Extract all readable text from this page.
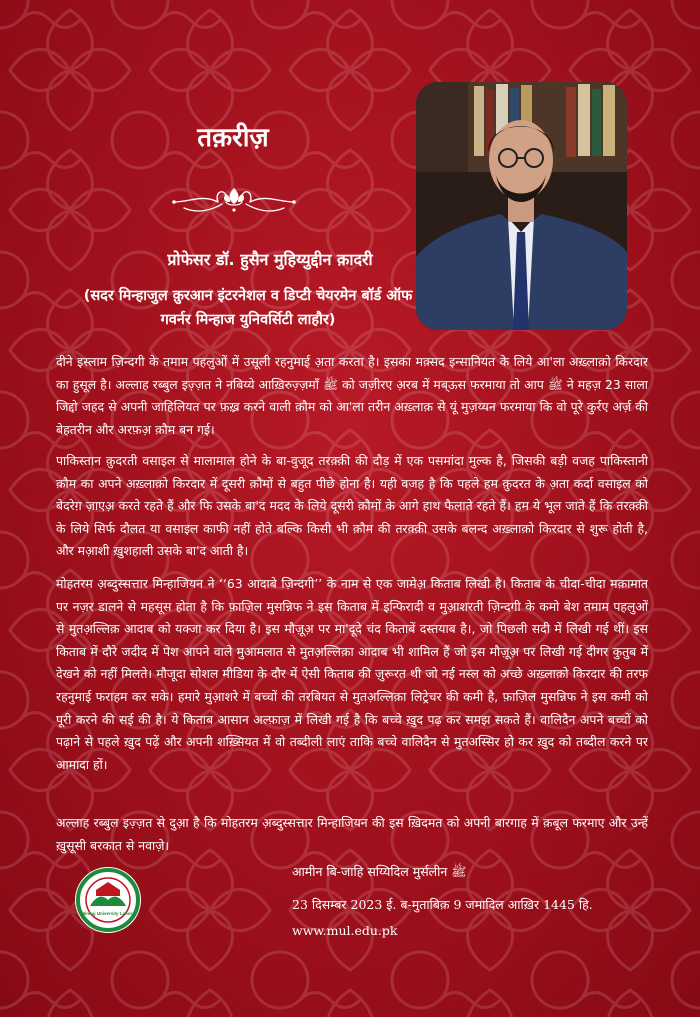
तक़रीज़
प्रोफेसर डॉ. हुसैन मुहिय्युद्दीन क़ादरी
(सदर मिन्हाजुल क़ुरआन इंटरनेशल व डिप्टी चेयरमेन बॉर्ड ऑफ गवर्नर मिन्हाज युनिवर्सिटी लाहौर)

दीने इस्लाम ज़िन्दगी के तमाम पहलुओं में उसूली रहनुमाई अ़ता करता है। इसका मक़्सद इन्सानियत के लिये आ'ला अख़्लाक़ो किरदार का हुसूल है। अल्लाह रब्बुल इज़्ज़त ने नबिय्ये आख़िरुज़्ज़माँ ﷺ को जज़ीरए अ़रब में मब्ऊस फरमाया तो आप ﷺ ने महज़ 23 साला जिद्दो जहद से अपनी जाहिलियत पर फ़ख़्र करने वाली क़ौम को आ'ला तरीन अख़्लाक़ से यूं मुज़य्यन फरमाया कि वो पूरे कुर्रए अर्ज़ की बेहतरीन और अरफ़अ़ क़ौम बन गई।

पाकिस्तान क़ुदरती वसाइल से मालामाल होने के बा-वुजूद तरक़्क़ी की दौड़ में एक पसमांदा मुल्क है, जिसकी बड़ी वजह पाकिस्तानी क़ौम का अपने अख़्लाक़ो किरदार में दूसरी क़ौमों से बहुत पीछे होना है। यही वजह है कि पहले हम क़ुदरत के अ़ता कर्दा वसाइल को बेदरेग़ ज़ाएअ़ करते रहते हैं और फि उसके बा'द मदद के लिये दूसरी क़ौमों के आगे हाथ फैलाते रहते हैं। हम ये भूल जाते हैं कि तरक़्क़ी के लिये सिर्फ दौलत या वसाइल काफी नहीं होते बल्कि किसी भी क़ौम की तरक़्क़ी उसके बलन्द अख़्लाक़ो किरदार से शुरू होती है, और मआ़शी ख़ुशहाली उसके बा'द आती है।

मोहतरम अ़ब्दुस्सत्तार मिन्हाजियन ने ‘‘63 आदाबे ज़िन्दगी’’ के नाम से एक जामेअ़ किताब लिखी है। किताब के चीदा-चीदा मक़ामात पर नज़र डालने से महसूस होता है कि फ़ाज़िल मुसन्निफ ने इस किताब में इन्फिरादी व मुआ़शरती ज़िन्दगी के कमो बेश तमाम पहलुओं से मुतअ़ल्लिक़ आदाब को यक्जा कर दिया है। इस मौज़ूअ़ पर मा'दूदे चंद किताबें दस्तयाब है।, जो पिछली सदी में लिखी गई थीं। इस किताब में दौरे जदीद में पेश आपने वाले मुआमलात से मुतअ़ल्लिक़ा आदाब भी शामिल हैं जो इस मौज़ूअ़ पर लिखी गई दीगर कुतुब में देखने को नहीं मिलते। मौजूदा सोशल मीडिया के दौर में ऐसी किताब की ज़ुरूरत थी जो नई नस्ल को अच्छे अख़्लाक़ो किरदार की तरफ रहनुमाई फराहम कर सके। हमारे मुआ़शरे में बच्चों की तरबियत से मुतअ़ल्लिक़ा लिट्रेचर की कमी है, फ़ाज़िल मुसन्निफ ने इस कमी को पूरी करने की सई की है। ये किताब आसान अल्फ़ाज़ में लिखी गई है कि बच्चे ख़ुद पढ़ कर समझ सकते हैं। वालिदैन अपने बच्चों को पढ़ाने से पहले ख़ुद पढ़ें और अपनी शख़्सियत में वो तब्दीली लाएं ताकि बच्चे वालिदैन से मुतअस्सिर हो कर ख़ुद को तब्दील करने पर आमादा हों।

अल्लाह रब्बुल इज़्ज़त से दुआ़ है कि मोहतरम अ़ब्दुस्सत्तार मिन्हाजियन की इस ख़िदमत को अपनी बारगाह में क़बूल फरमाए और उन्हें ख़ुसूसी बरकात से नवाज़े।

Minhaj University Lahore
आमीन बि-जाहि सय्यिदिल मुर्सलीन ﷺ
23 दिसम्बर 2023 ई. ब-मुताबिक़ 9 जमादिल आख़िर 1445 हि.
www.mul.edu.pk
